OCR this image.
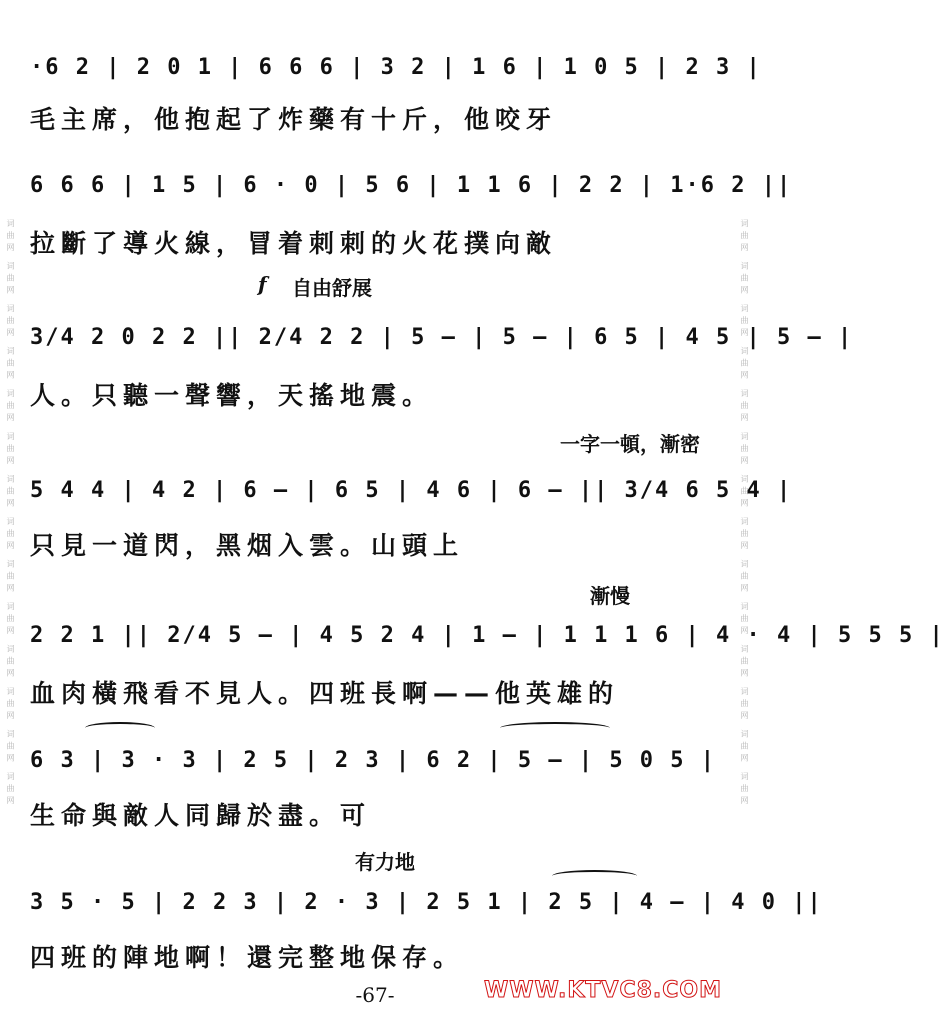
词曲网 词曲网 词曲网 词曲网 词曲网 词曲网 词曲网 词曲网 词曲网 词曲网 词曲网 词曲网 词曲网 词曲网	词曲网 词曲网 词曲网 词曲网 词曲网 词曲网 词曲网 词曲网 词曲网 词曲网 词曲网 词曲网 词曲网 词曲网
·6 2 | 2 0 1 | 6 6 6 | 3 2 | 1 6 | 1 0 5 | 2 3 |
毛主席，他抱起了炸藥有十斤，他咬牙
6 6 6 | 1 5 | 6 · 0 | 5 6 | 1 1 6 | 2 2 | 1·6 2 ||
拉斷了導火線，冒着刺刺的火花撲向敵
f 自由舒展
3/4 2 0 2 2 || 2/4 2 2 | 5 — | 5 — | 6 5 | 4 5 | 5 — |
人。只聽一聲響，天搖地震。
一字一頓，漸密
5 4 4 | 4 2 | 6 — | 6 5 | 4 6 | 6 — || 3/4 6 5 4 |
只見一道閃，黑烟入雲。山頭上
漸慢
2 2 1 || 2/4 5 — | 4 5 2 4 | 1 — | 1 1 1 6 | 4 · 4 | 5 5 5 |
血肉橫飛看不見人。四班長啊——他英雄的
6 3 | 3 · 3 | 2 5 | 2 3 | 6 2 | 5 — | 5 0 5 |
生命與敵人同歸於盡。可
有力地
3 5 · 5 | 2 2 3 | 2 · 3 | 2 5 1 | 2 5 | 4 — | 4 0 ||
四班的陣地啊！還完整地保存。
-67-	WWW.KTVC8.COM
